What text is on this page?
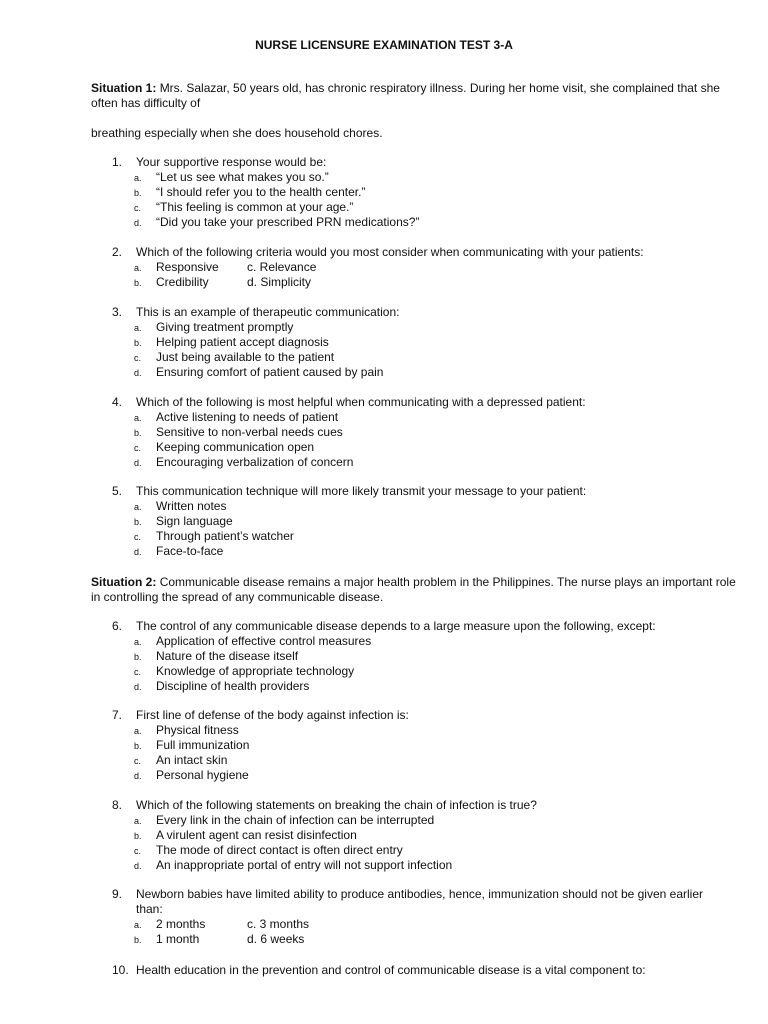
NURSE LICENSURE EXAMINATION TEST 3-A
Situation 1: Mrs. Salazar, 50 years old, has chronic respiratory illness. During her home visit, she complained that she often has difficulty of
breathing especially when she does household chores.
1. Your supportive response would be:
a. “Let us see what makes you so.”
b. “I should refer you to the health center.”
c. “This feeling is common at your age.”
d. “Did you take your prescribed PRN medications?”
2. Which of the following criteria would you most consider when communicating with your patients:
a. Responsive c. Relevance
b. Credibility	d. Simplicity
3. This is an example of therapeutic communication:
a. Giving treatment promptly
b. Helping patient accept diagnosis
c. Just being available to the patient
d. Ensuring comfort of patient caused by pain
4. Which of the following is most helpful when communicating with a depressed patient:
a. Active listening to needs of patient
b. Sensitive to non-verbal needs cues
c. Keeping communication open
d. Encouraging verbalization of concern
5. This communication technique will more likely transmit your message to your patient:
a. Written notes
b. Sign language
c. Through patient’s watcher
d. Face-to-face
6. The control of any communicable disease depends to a large measure upon the following, except:
a. Application of effective control measures
b. Nature of the disease itself
c. Knowledge of appropriate technology
d. Discipline of health providers
7. First line of defense of the body against infection is:
a. Physical fitness
b. Full immunization
c. An intact skin
d. Personal hygiene
8. Which of the following statements on breaking the chain of infection is true?
a. Every link in the chain of infection can be interrupted
b. A virulent agent can resist disinfection
c. The mode of direct contact is often direct entry
d. An inappropriate portal of entry will not support infection
9. Newborn babies have limited ability to produce antibodies, hence, immunization should not be given earlier
than:
a. 2 months	c. 3 months
b. 1 month	d. 6 weeks
10. Health education in the prevention and control of communicable disease is a vital component to:
Situation 2: Communicable disease remains a major health problem in the Philippines. The nurse plays an important role in controlling the spread of any communicable disease.
